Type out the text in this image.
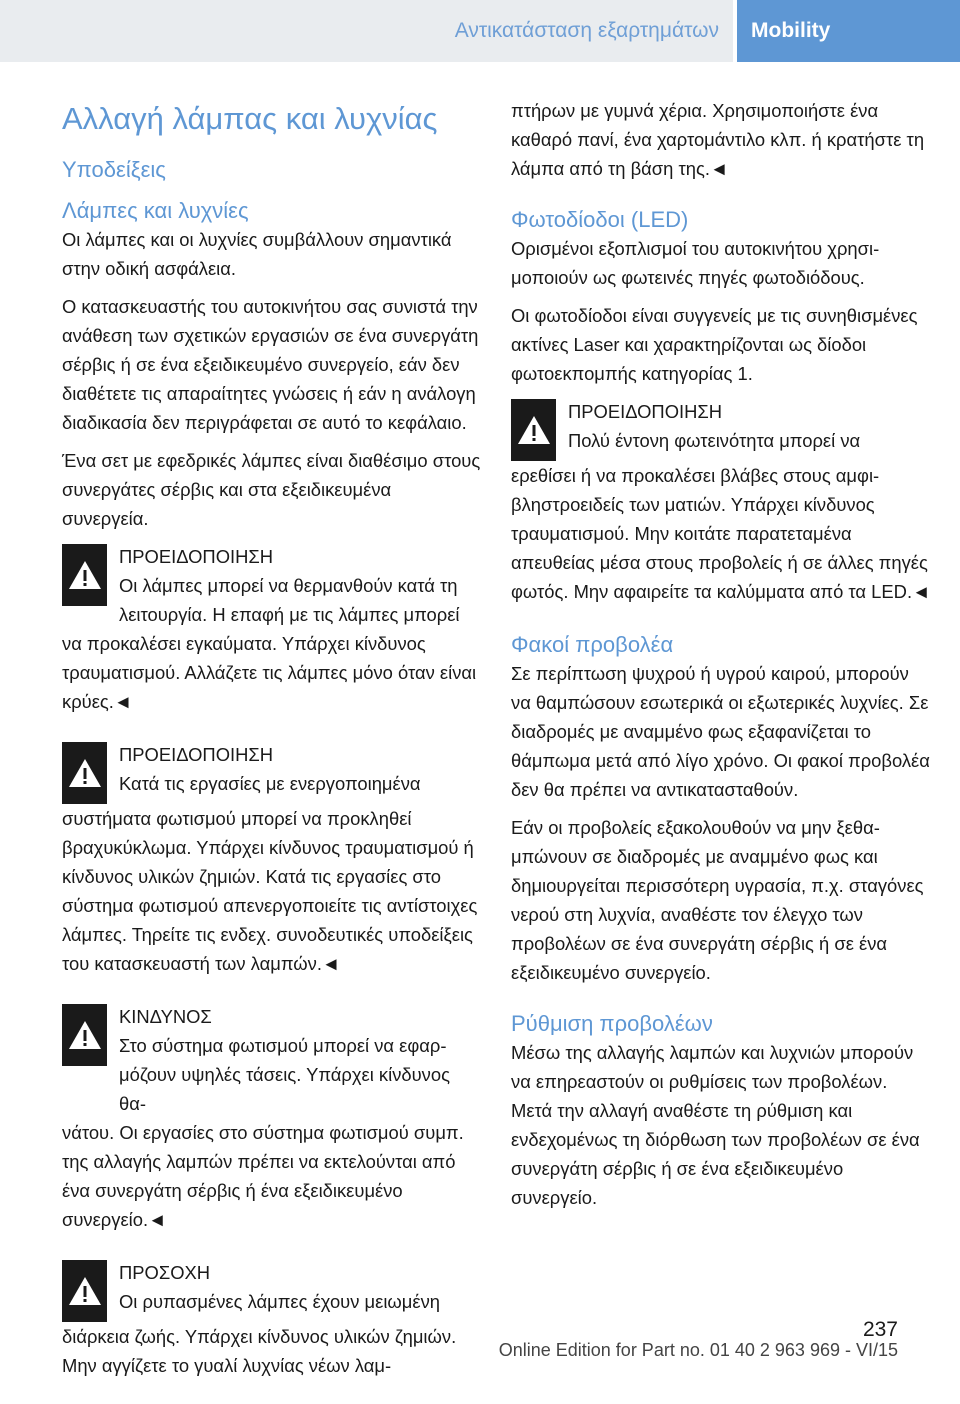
Αντικατάσταση εξαρτημάτων	Mobility
Αλλαγή λάμπας και λυχνίας
Υποδείξεις
Λάμπες και λυχνίες

Οι λάμπες και οι λυχνίες συμβάλλουν σημαντικά στην οδική ασφάλεια.

Ο κατασκευαστής του αυτοκινήτου σας συνιστά την ανάθεση των σχετικών εργασιών σε ένα συνεργάτη σέρβις ή σε ένα εξειδικευμένο συνεργείο, εάν δεν διαθέτετε τις απαραίτητες γνώσεις ή εάν η ανάλογη διαδικασία δεν περιγράφεται σε αυτό το κεφάλαιο.

Ένα σετ με εφεδρικές λάμπες είναι διαθέσιμο στους συνεργάτες σέρβις και στα εξειδικευμένα συνεργεία.

ΠΡΟΕΙΔΟΠΟΙΗΣΗ

Οι λάμπες μπορεί να θερμανθούν κατά τη λειτουργία. Η επαφή με τις λάμπες μπορεί

να προκαλέσει εγκαύματα. Υπάρχει κίνδυνος τραυματισμού. Αλλάζετε τις λάμπες μόνο όταν είναι κρύες.◄

ΠΡΟΕΙΔΟΠΟΙΗΣΗ

Κατά τις εργασίες με ενεργοποιημένα

συστήματα φωτισμού μπορεί να προκληθεί βραχυκύκλωμα. Υπάρχει κίνδυνος τραυματισμού ή κίνδυνος υλικών ζημιών. Κατά τις εργασίες στο σύστημα φωτισμού απενεργοποιείτε τις αντίστοιχες λάμπες. Τηρείτε τις ενδεχ. συνοδευτικές υποδείξεις του κατασκευαστή των λαμπών.◄

ΚΙΝΔΥΝΟΣ

Στο σύστημα φωτισμού μπορεί να εφαρμόζουν υψηλές τάσεις. Υπάρχει κίνδυνος θα-

νάτου. Οι εργασίες στο σύστημα φωτισμού συμπ. της αλλαγής λαμπών πρέπει να εκτελούνται από ένα συνεργάτη σέρβις ή ένα εξειδικευμένο συνεργείο.◄

ΠΡΟΣΟΧΗ

Οι ρυπασμένες λάμπες έχουν μειωμένη

διάρκεια ζωής. Υπάρχει κίνδυνος υλικών ζημιών. Μην αγγίζετε το γυαλί λυχνίας νέων λαμ-

πτήρων με γυμνά χέρια. Χρησιμοποιήστε ένα καθαρό πανί, ένα χαρτομάντιλο κλπ. ή κρατήστε τη λάμπα από τη βάση της.◄

Φωτοδίοδοι (LED)

Ορισμένοι εξοπλισμοί του αυτοκινήτου χρησιμοποιούν ως φωτεινές πηγές φωτοδιόδους.

Οι φωτοδίοδοι είναι συγγενείς με τις συνηθισμένες ακτίνες Laser και χαρακτηρίζονται ως δίοδοι φωτοεκπομπής κατηγορίας 1.

ΠΡΟΕΙΔΟΠΟΙΗΣΗ

Πολύ έντονη φωτεινότητα μπορεί να

ερεθίσει ή να προκαλέσει βλάβες στους αμφιβληστροειδείς των ματιών. Υπάρχει κίνδυνος τραυματισμού. Μην κοιτάτε παρατεταμένα απευθείας μέσα στους προβολείς ή σε άλλες πηγές φωτός. Μην αφαιρείτε τα καλύμματα από τα LED.◄

Φακοί προβολέα

Σε περίπτωση ψυχρού ή υγρού καιρού, μπορούν να θαμπώσουν εσωτερικά οι εξωτερικές λυχνίες. Σε διαδρομές με αναμμένο φως εξαφανίζεται το θάμπωμα μετά από λίγο χρόνο. Οι φακοί προβολέα δεν θα πρέπει να αντικατασταθούν.

Εάν οι προβολείς εξακολουθούν να μην ξεθαμπώνουν σε διαδρομές με αναμμένο φως και δημιουργείται περισσότερη υγρασία, π.χ. σταγόνες νερού στη λυχνία, αναθέστε τον έλεγχο των προβολέων σε ένα συνεργάτη σέρβις ή σε ένα εξειδικευμένο συνεργείο.

Ρύθμιση προβολέων

Μέσω της αλλαγής λαμπών και λυχνιών μπορούν να επηρεαστούν οι ρυθμίσεις των προβολέων. Μετά την αλλαγή αναθέστε τη ρύθμιση και ενδεχομένως τη διόρθωση των προβολέων σε ένα συνεργάτη σέρβις ή σε ένα εξειδικευμένο συνεργείο.

237
Online Edition for Part no. 01 40 2 963 969 - VI/15
